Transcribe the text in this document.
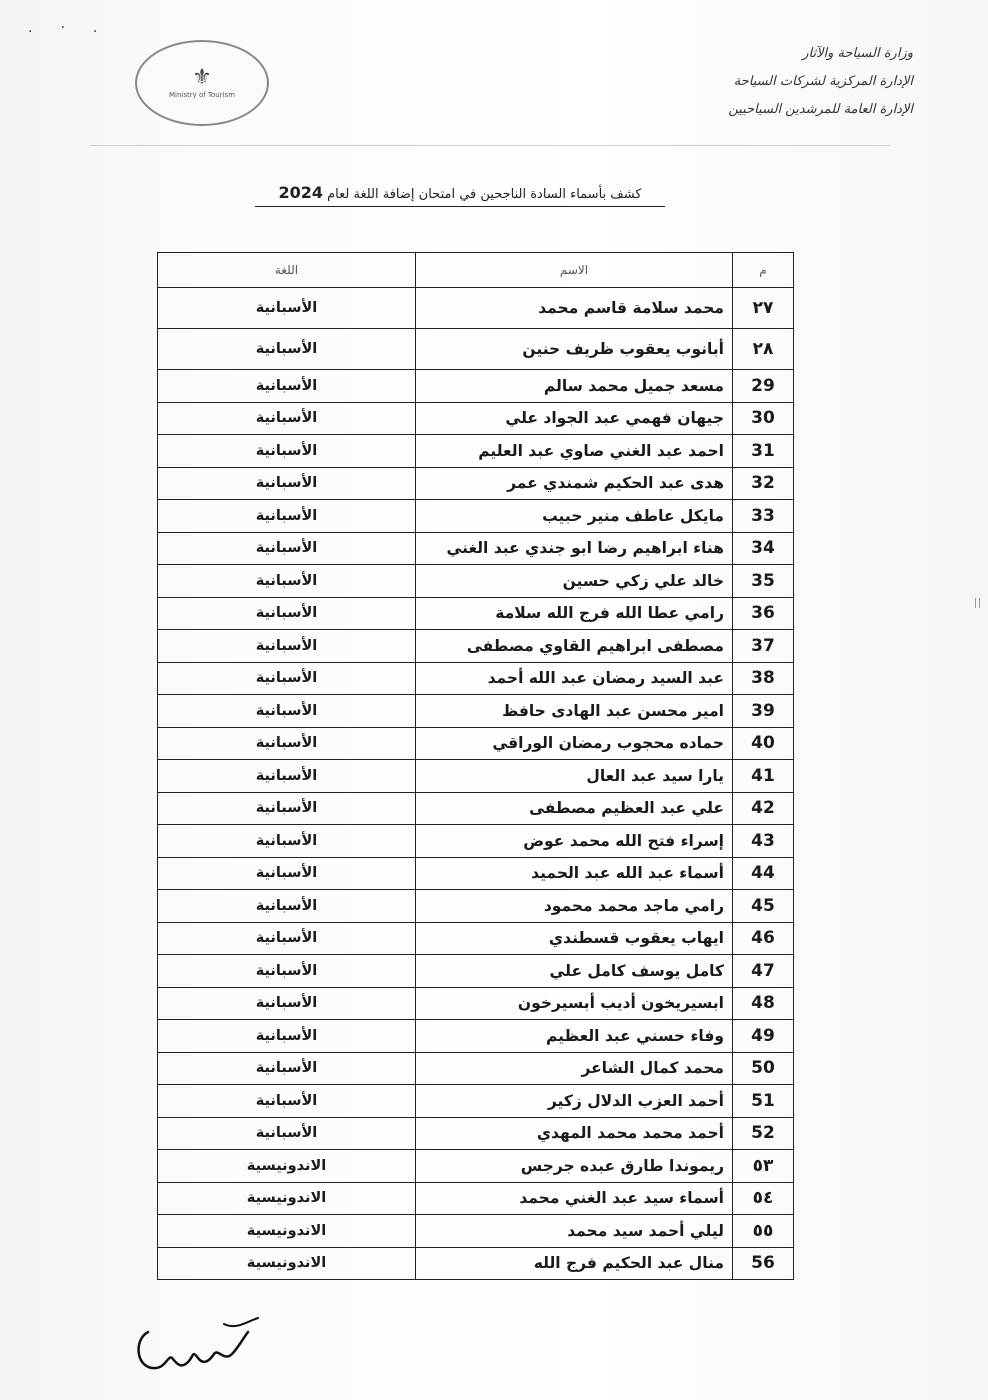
.·.
⚜
Ministry of Tourism
وزارة السياحة والآثار
الإدارة المركزية لشركات السياحة
الإدارة العامة للمرشدين السياحيين
كشف بأسماء السادة الناجحين في امتحان إضافة اللغة لعام 2024
م	الاسم	اللغة
٢٧	محمد سلامة قاسم محمد	الأسبانية
٢٨	أبانوب يعقوب ظريف حنين	الأسبانية
29	مسعد جميل محمد سالم	الأسبانية
30	جيهان فهمي عبد الجواد علي	الأسبانية
31	احمد عبد الغني صاوي عبد العليم	الأسبانية
32	هدى عبد الحكيم شمندي عمر	الأسبانية
33	مايكل عاطف منير حبيب	الأسبانية
34	هناء ابراهيم رضا ابو جندي عبد الغني	الأسبانية
35	خالد علي زكي حسين	الأسبانية
36	رامي عطا الله فرج الله سلامة	الأسبانية
37	مصطفى ابراهيم القاوي مصطفى	الأسبانية
38	عبد السيد رمضان عبد الله أحمد	الأسبانية
39	امير محسن عبد الهادى حافظ	الأسبانية
40	حماده محجوب رمضان الوراقي	الأسبانية
41	يارا سيد عبد العال	الأسبانية
42	علي عبد العظيم مصطفى	الأسبانية
43	إسراء فتح الله محمد عوض	الأسبانية
44	أسماء عبد الله عبد الحميد	الأسبانية
45	رامي ماجد محمد محمود	الأسبانية
46	ايهاب يعقوب قسطندي	الأسبانية
47	كامل يوسف كامل علي	الأسبانية
48	ابسيريخون أديب أبسيرخون	الأسبانية
49	وفاء حسني عبد العظيم	الأسبانية
50	محمد كمال الشاعر	الأسبانية
51	أحمد العزب الدلال زكير	الأسبانية
52	أحمد محمد محمد المهدي	الأسبانية
٥٣	ريموندا طارق عبده جرجس	الاندونيسية
٥٤	أسماء سيد عبد الغني محمد	الاندونيسية
٥٥	ليلي أحمد سيد محمد	الاندونيسية
56	منال عبد الحكيم فرج الله	الاندونيسية
